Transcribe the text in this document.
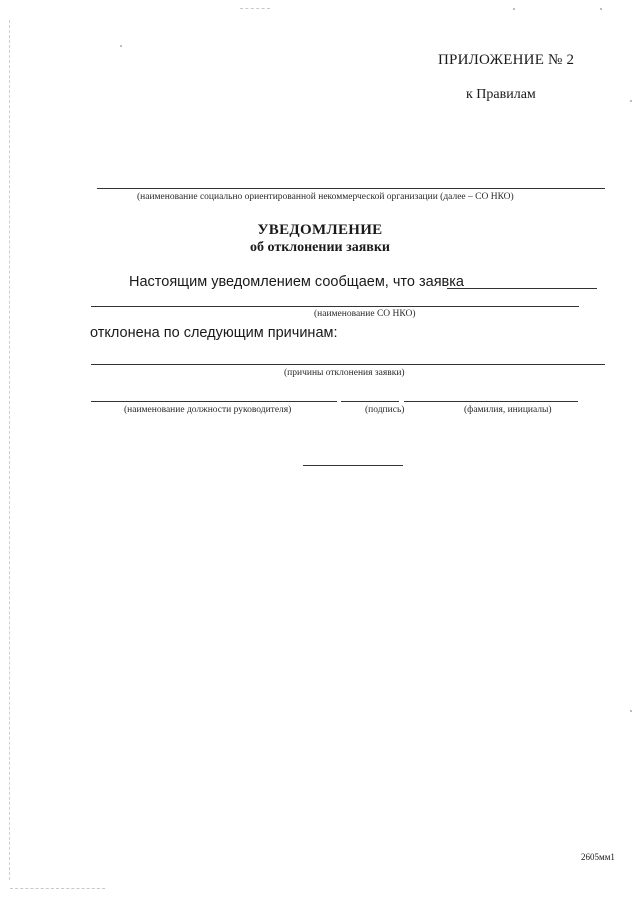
ПРИЛОЖЕНИЕ № 2
к Правилам
(наименование социально ориентированной некоммерческой организации (далее – СО НКО)
УВЕДОМЛЕНИЕ
об отклонении заявки
Настоящим уведомлением сообщаем, что заявка
(наименование СО НКО)
отклонена по следующим причинам:
(причины отклонения заявки)
(наименование должности руководителя)	(подпись)	(фамилия, инициалы)
2605мм1
